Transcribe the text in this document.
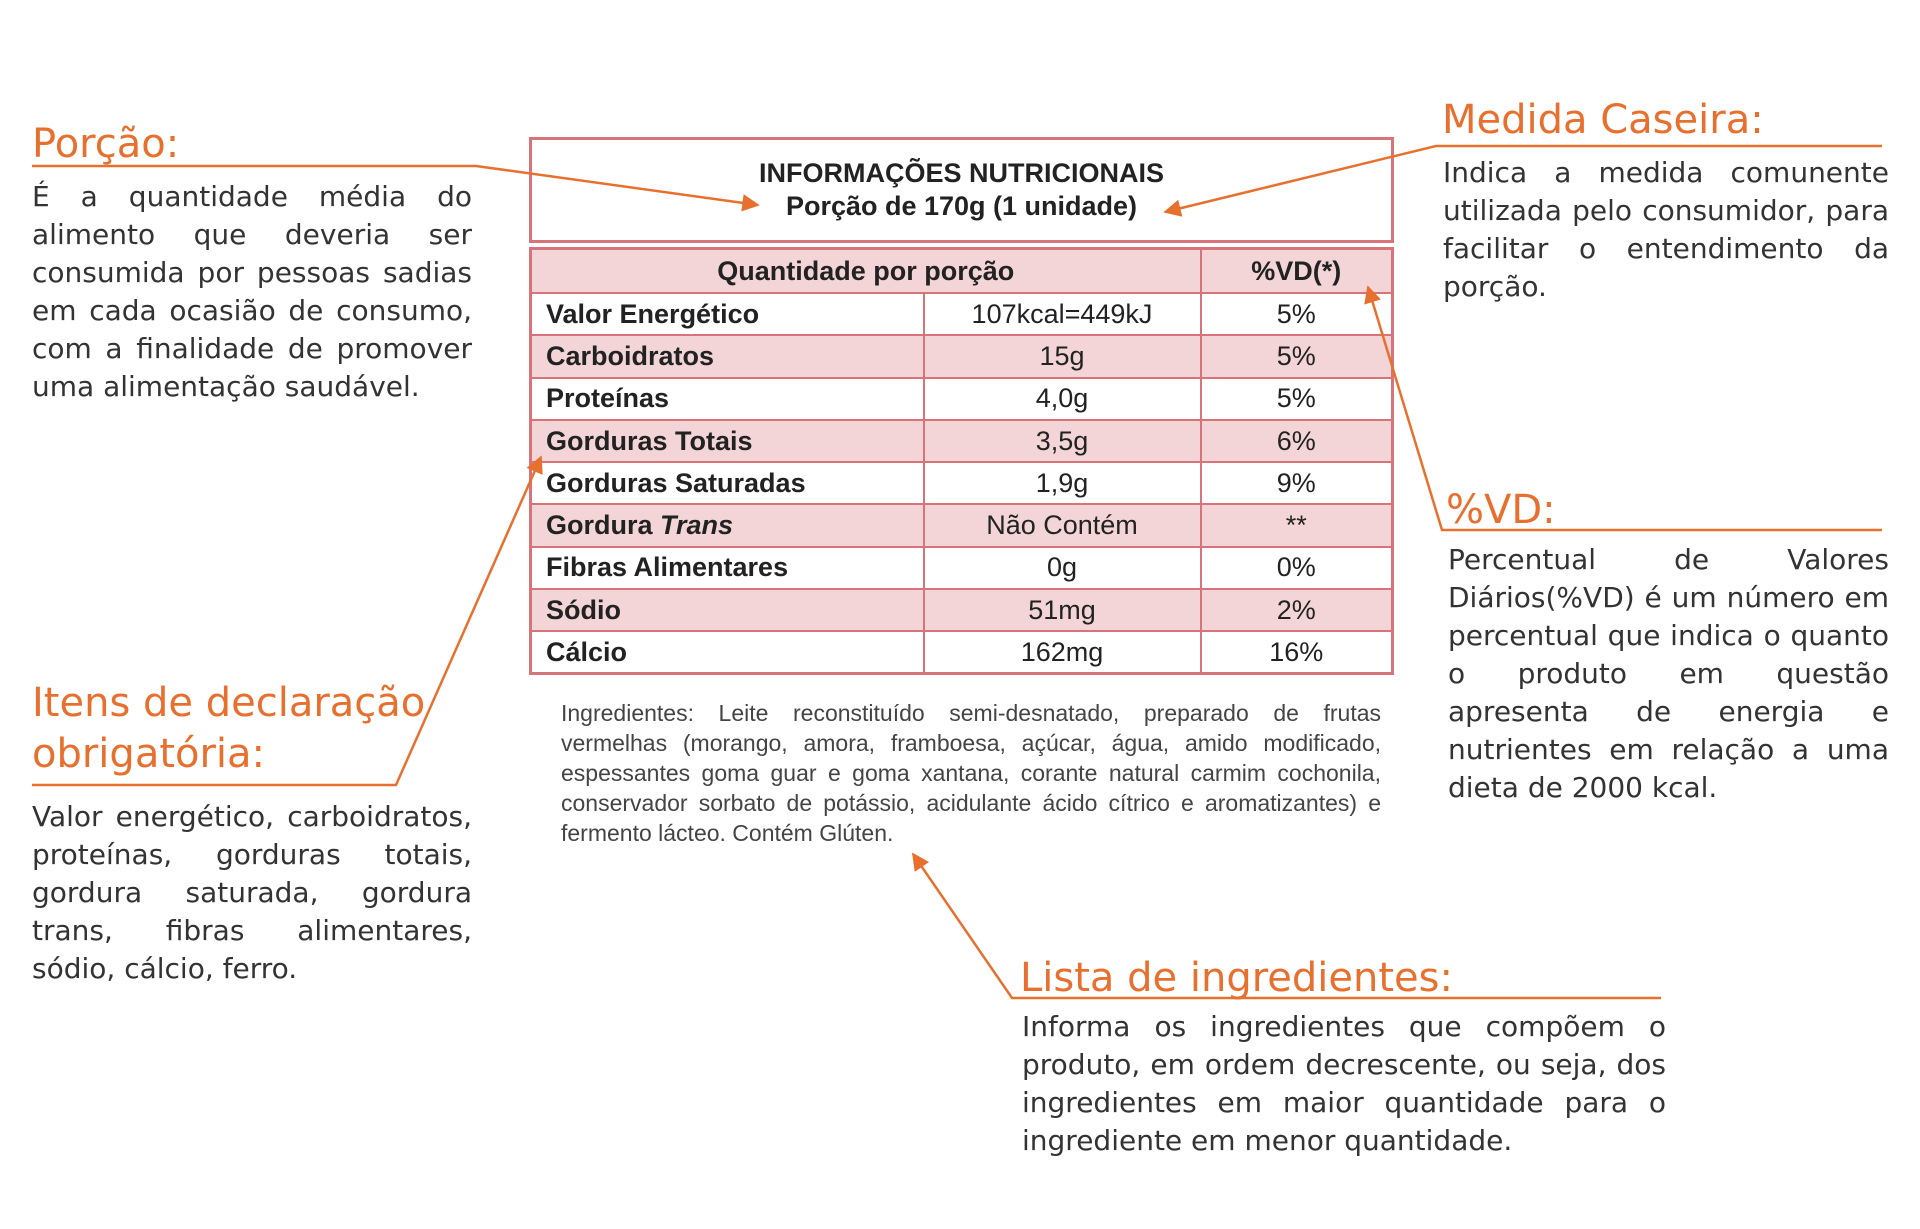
Porção:

É a quantidade média do alimento que deveria ser consumida por pessoas sadias em cada ocasião de consumo, com a finalidade de promover uma alimentação saudável.

Medida Caseira:

Indica a medida comunente utilizada pelo consumidor, para facilitar o entendimento da porção.

%VD:

Percentual de Valores Diários(%VD) é um número em percentual que indica o quanto o produto em questão apresenta de energia e nutrientes em relação a uma dieta de 2000 kcal.

Itens de declaração
obrigatória:

Valor energético, carboidratos, proteínas, gorduras totais, gordura saturada, gordura trans, fibras alimentares, sódio, cálcio, ferro.	Lista de ingredientes:

Informa os ingredientes que compõem o produto, em ordem decrescente, ou seja, dos ingredientes em maior quantidade para o ingrediente em menor quantidade.

INFORMAÇÕES NUTRICIONAIS
Porção de 170g (1 unidade)
Quantidade por porção		%VD(*)
Valor Energético	107kcal=449kJ	5%
Carboidratos	15g	5%
Proteínas	4,0g	5%
Gorduras Totais	3,5g	6%
Gorduras Saturadas	1,9g	9%
Gordura Trans	Não Contém	**
Fibras Alimentares	0g	0%
Sódio	51mg	2%
Cálcio	162mg	16%

Ingredientes: Leite reconstituído semi-desnatado, preparado de frutas vermelhas (morango, amora, framboesa, açúcar, água, amido modificado, espessantes goma guar e goma xantana, corante natural carmim cochonila, conservador sorbato de potássio, acidulante ácido cítrico e aromatizantes) e fermento lácteo. Contém Glúten.
